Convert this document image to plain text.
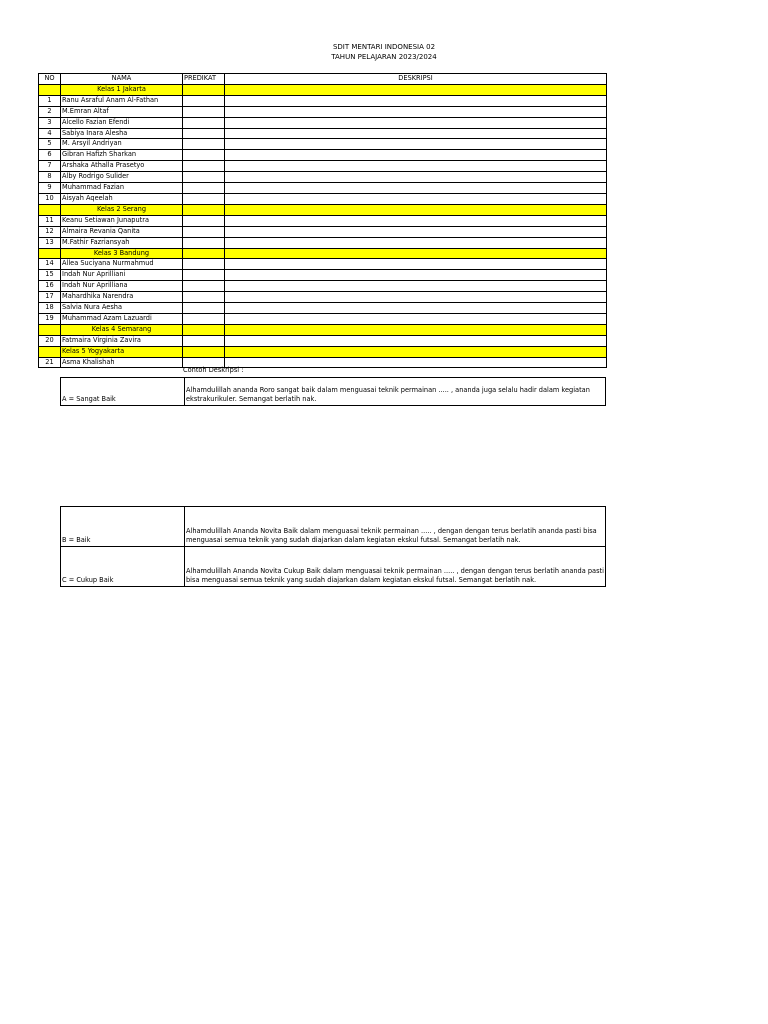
SDIT MENTARI INDONESIA 02
TAHUN PELAJARAN 2023/2024
NO	NAMA	PREDIKAT	DESKRIPSI
	Kelas 1 Jakarta		
1	Ranu Asraful Anam Al-Fathan		
2	M.Emran Altaf		
3	Alcello Fazian Efendi		
4	Sabiya Inara Alesha		
5	M. Arsyil Andriyan		
6	Gibran Hafizh Sharkan		
7	Arshaka Athalla Prasetyo		
8	Alby Rodrigo Sulider		
9	Muhammad Fazian		
10	Aisyah Aqeelah		
	Kelas 2 Serang		
11	Keanu Setiawan Junaputra		
12	Almaira Revania Qanita		
13	M.Fathir Fazriansyah		
	Kelas 3 Bandung		
14	Allea Suciyana Nurmahmud		
15	Indah Nur Aprilliani		
16	Indah Nur Aprilliana		
17	Mahardhika Narendra		
18	Salvia Nura Aesha		
19	Muhammad Azam Lazuardi		
	Kelas 4 Semarang		
20	Fatmaira Virginia Zavira		
	Kelas 5 Yogyakarta		
21	Asma Khalishah		
Contoh Deskripsi :
A = Sangat Baik	Alhamdulillah ananda Roro sangat baik dalam menguasai teknik permainan ..... , ananda juga selalu hadir dalam kegiatan ekstrakurikuler. Semangat berlatih nak.
B = Baik	Alhamdulillah Ananda Novita Baik dalam menguasai teknik permainan ..... , dengan dengan terus berlatih ananda pasti bisa menguasai semua teknik yang sudah diajarkan dalam kegiatan ekskul futsal. Semangat berlatih nak.
C = Cukup Baik	Alhamdulillah Ananda Novita Cukup Baik dalam menguasai teknik permainan ..... , dengan dengan terus berlatih ananda pasti bisa menguasai semua teknik yang sudah diajarkan dalam kegiatan ekskul futsal. Semangat berlatih nak.
